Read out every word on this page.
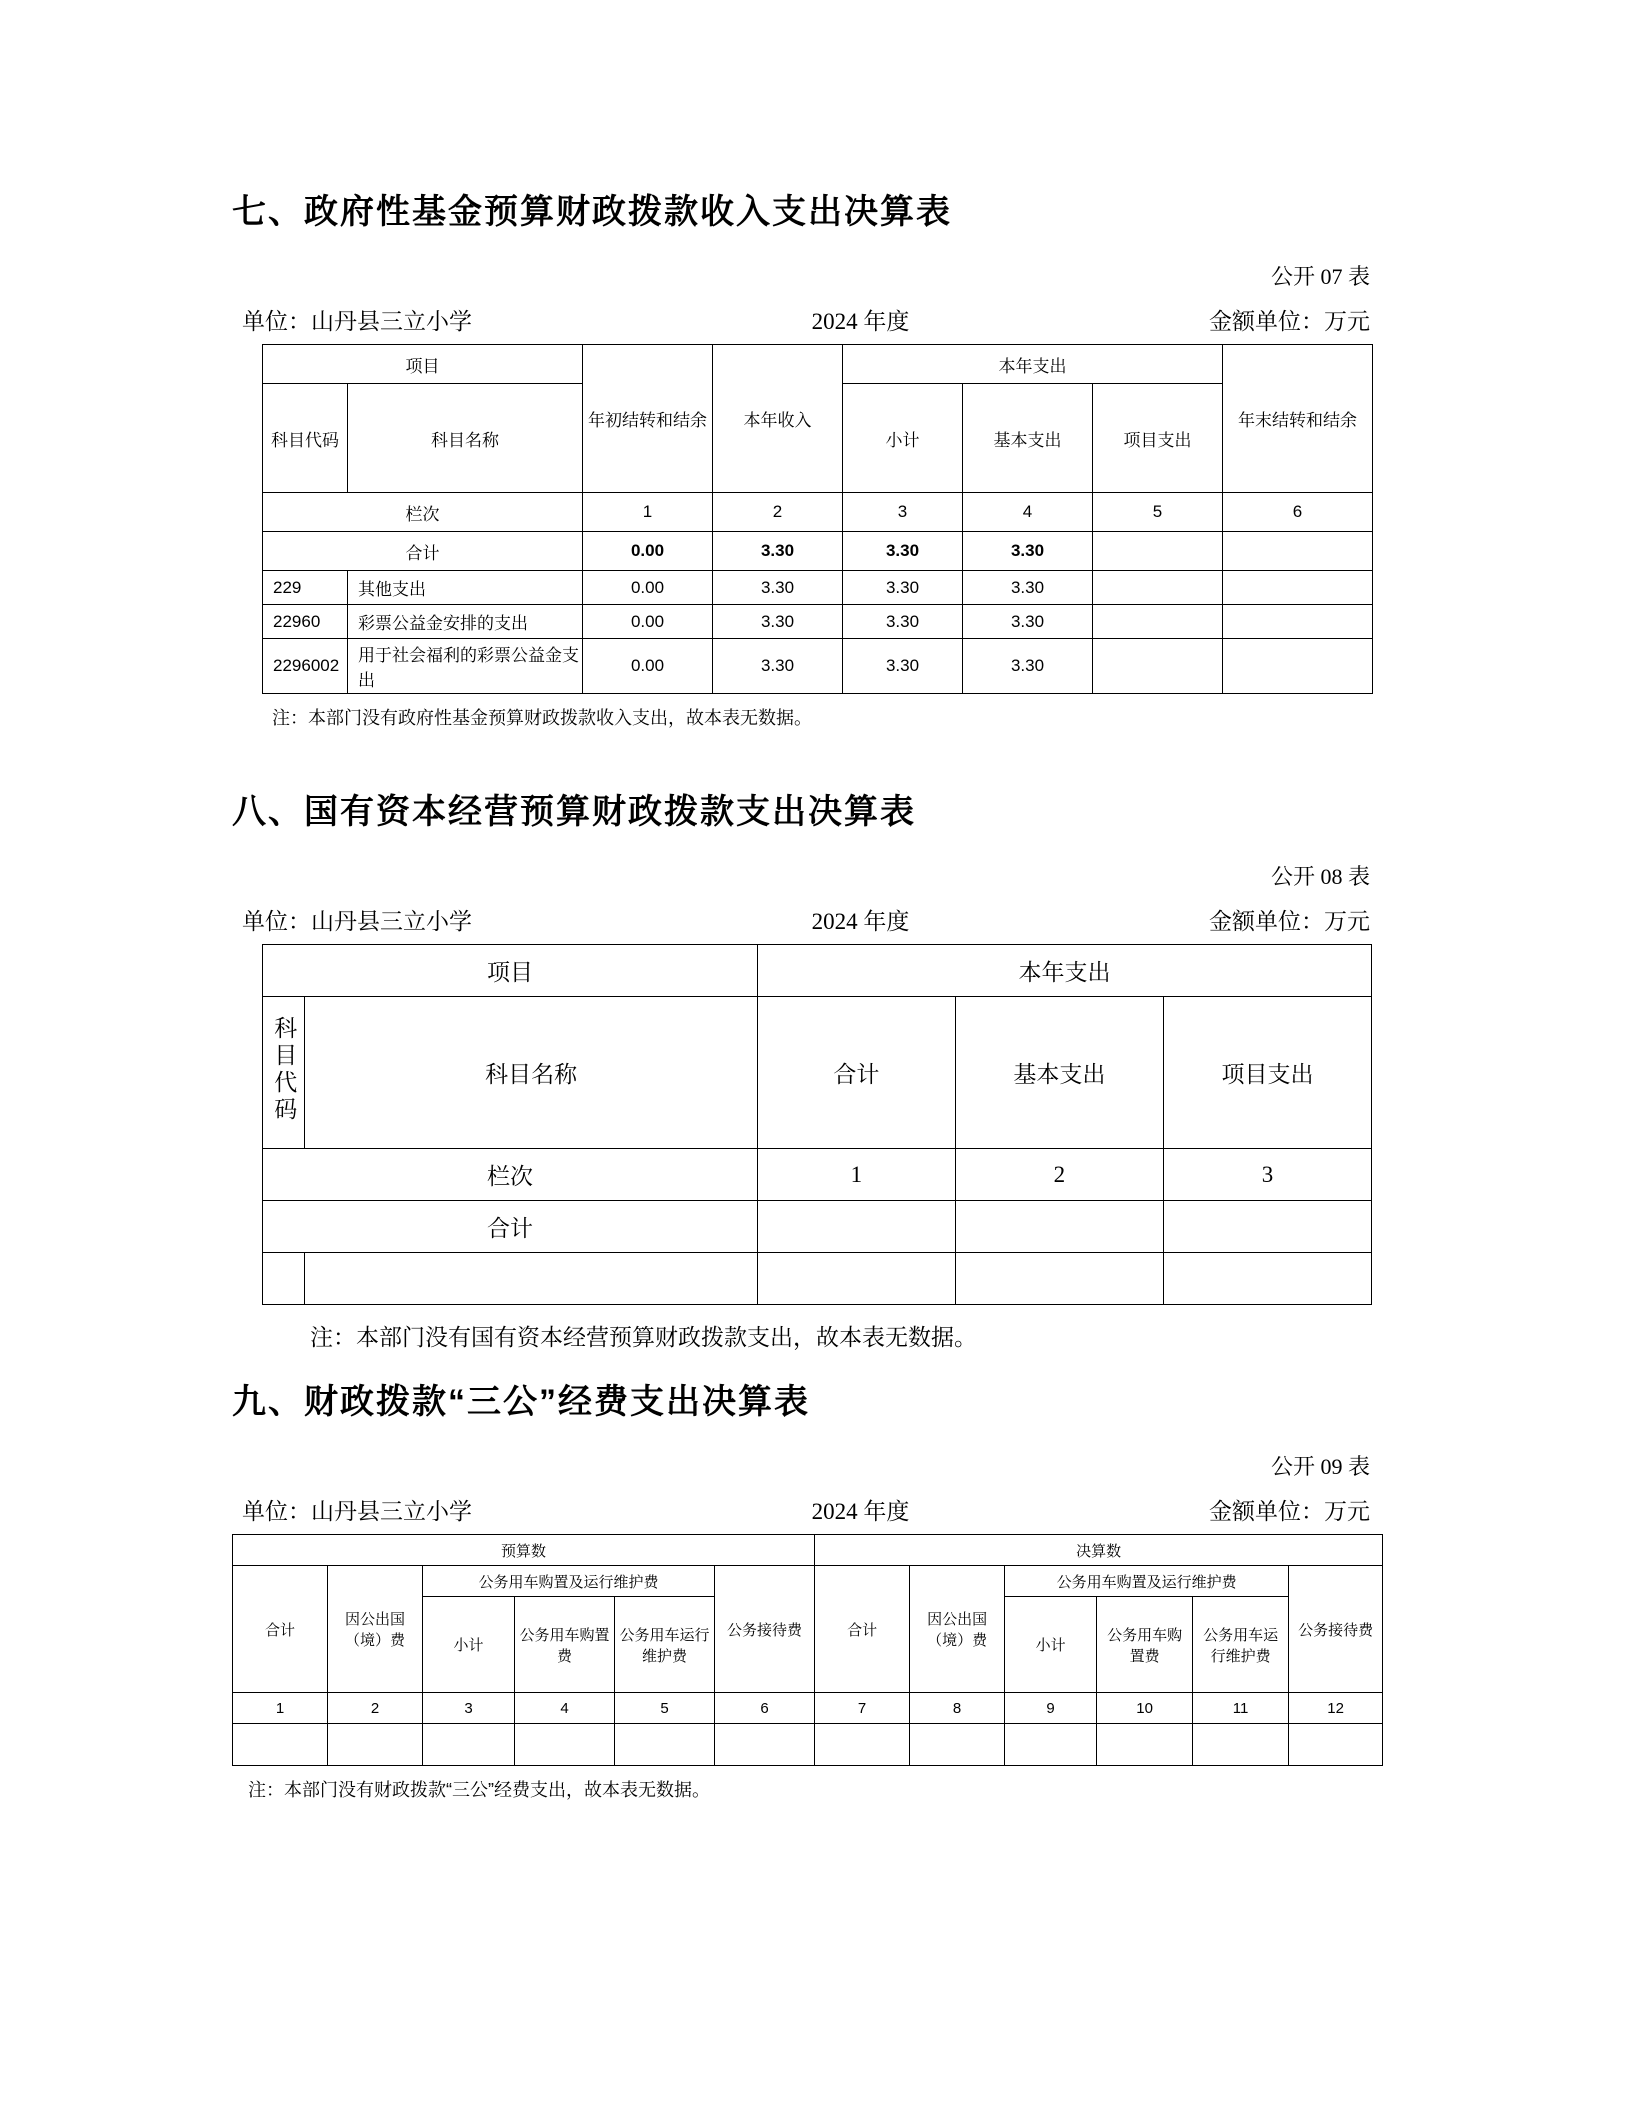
七、政府性基金预算财政拨款收入支出决算表
公开 07 表
单位：山丹县三立小学	2024 年度	金额单位：万元
项目		年初结转和结余	本年收入	本年支出			年末结转和结余
科目代码	科目名称			小计	基本支出	项目支出	
栏次		1	2	3	4	5	6
合计		0.00	3.30	3.30	3.30		
229	其他支出	0.00	3.30	3.30	3.30		
22960	彩票公益金安排的支出	0.00	3.30	3.30	3.30		
2296002	用于社会福利的彩票公益金支出	0.00	3.30	3.30	3.30		
注：本部门没有政府性基金预算财政拨款收入支出，故本表无数据。
八、国有资本经营预算财政拨款支出决算表
公开 08 表
单位：山丹县三立小学	2024 年度	金额单位：万元
项目		本年支出		
科目代码	科目名称	合计	基本支出	项目支出
栏次		1	2	3
合计				

注：本部门没有国有资本经营预算财政拨款支出，故本表无数据。
九、财政拨款“三公”经费支出决算表
公开 09 表
单位：山丹县三立小学	2024 年度	金额单位：万元
预算数						决算数					
合计	因公出国（境）费	公务用车购置及运行维护费			公务接待费	合计	因公出国（境）费	公务用车购置及运行维护费			公务接待费
		小计	公务用车购置费	公务用车运行维护费				小计	公务用车购置费	公务用车运行维护费	
1	2	3	4	5	6	7	8	9	10	11	12

注：本部门没有财政拨款“三公”经费支出，故本表无数据。
